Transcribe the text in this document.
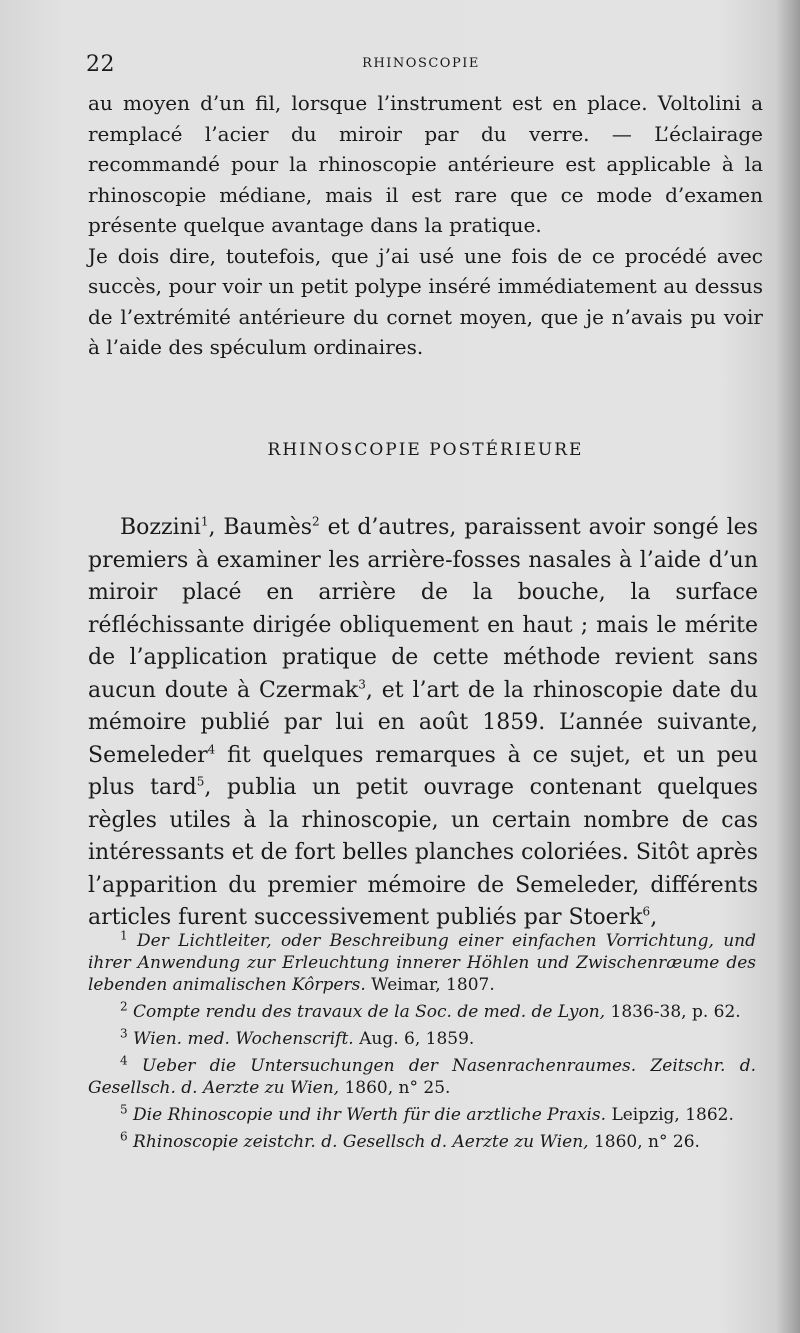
22	RHINOSCOPIE

au moyen d’un fil, lorsque l’instrument est en place. Voltolini a remplacé l’acier du miroir par du verre. — L’éclairage recommandé pour la rhinoscopie antérieure est applicable à la rhinoscopie médiane, mais il est rare que ce mode d’examen présente quelque avantage dans la pratique.

Je dois dire, toutefois, que j’ai usé une fois de ce procédé avec succès, pour voir un petit polype inséré immédiatement au dessus de l’extrémité antérieure du cornet moyen, que je n’avais pu voir à l’aide des spéculum ordinaires.

RHINOSCOPIE POSTÉRIEURE

Bozzini$^1$, Baumès$^2$ et d’autres, paraissent avoir songé les premiers à examiner les arrière-fosses nasales à l’aide d’un miroir placé en arrière de la bouche, la surface réfléchissante dirigée obliquement en haut ; mais le mérite de l’application pratique de cette méthode revient sans aucun doute à Czermak$^3$, et l’art de la rhinoscopie date du mémoire publié par lui en août 1859. L’année suivante, Semeleder$^4$ fit quelques remarques à ce sujet, et un peu plus tard$^5$, publia un petit ouvrage contenant quelques règles utiles à la rhinoscopie, un certain nombre de cas intéressants et de fort belles planches coloriées. Sitôt après l’apparition du premier mémoire de Semeleder, différents articles furent successivement publiés par Stoerk$^6$,

$^1$ Der Lichtleiter, oder Beschreibung einer einfachen Vorrichtung, und ihrer Anwendung zur Erleuchtung innerer Höhlen und Zwischenræume des lebenden animalischen Kôrpers. Weimar, 1807.

$^2$ Compte rendu des travaux de la Soc. de med. de Lyon, 1836-38, p. 62.

$^3$ Wien. med. Wochenscrift. Aug. 6, 1859.

$^4$ Ueber die Untersuchungen der Nasenrachenraumes. Zeitschr. d. Gesellsch. d. Aerzte zu Wien, 1860, n° 25.

$^5$ Die Rhinoscopie und ihr Werth für die arztliche Praxis. Leipzig, 1862.

$^6$ Rhinoscopie zeistchr. d. Gesellsch d. Aerzte zu Wien, 1860, n° 26.
